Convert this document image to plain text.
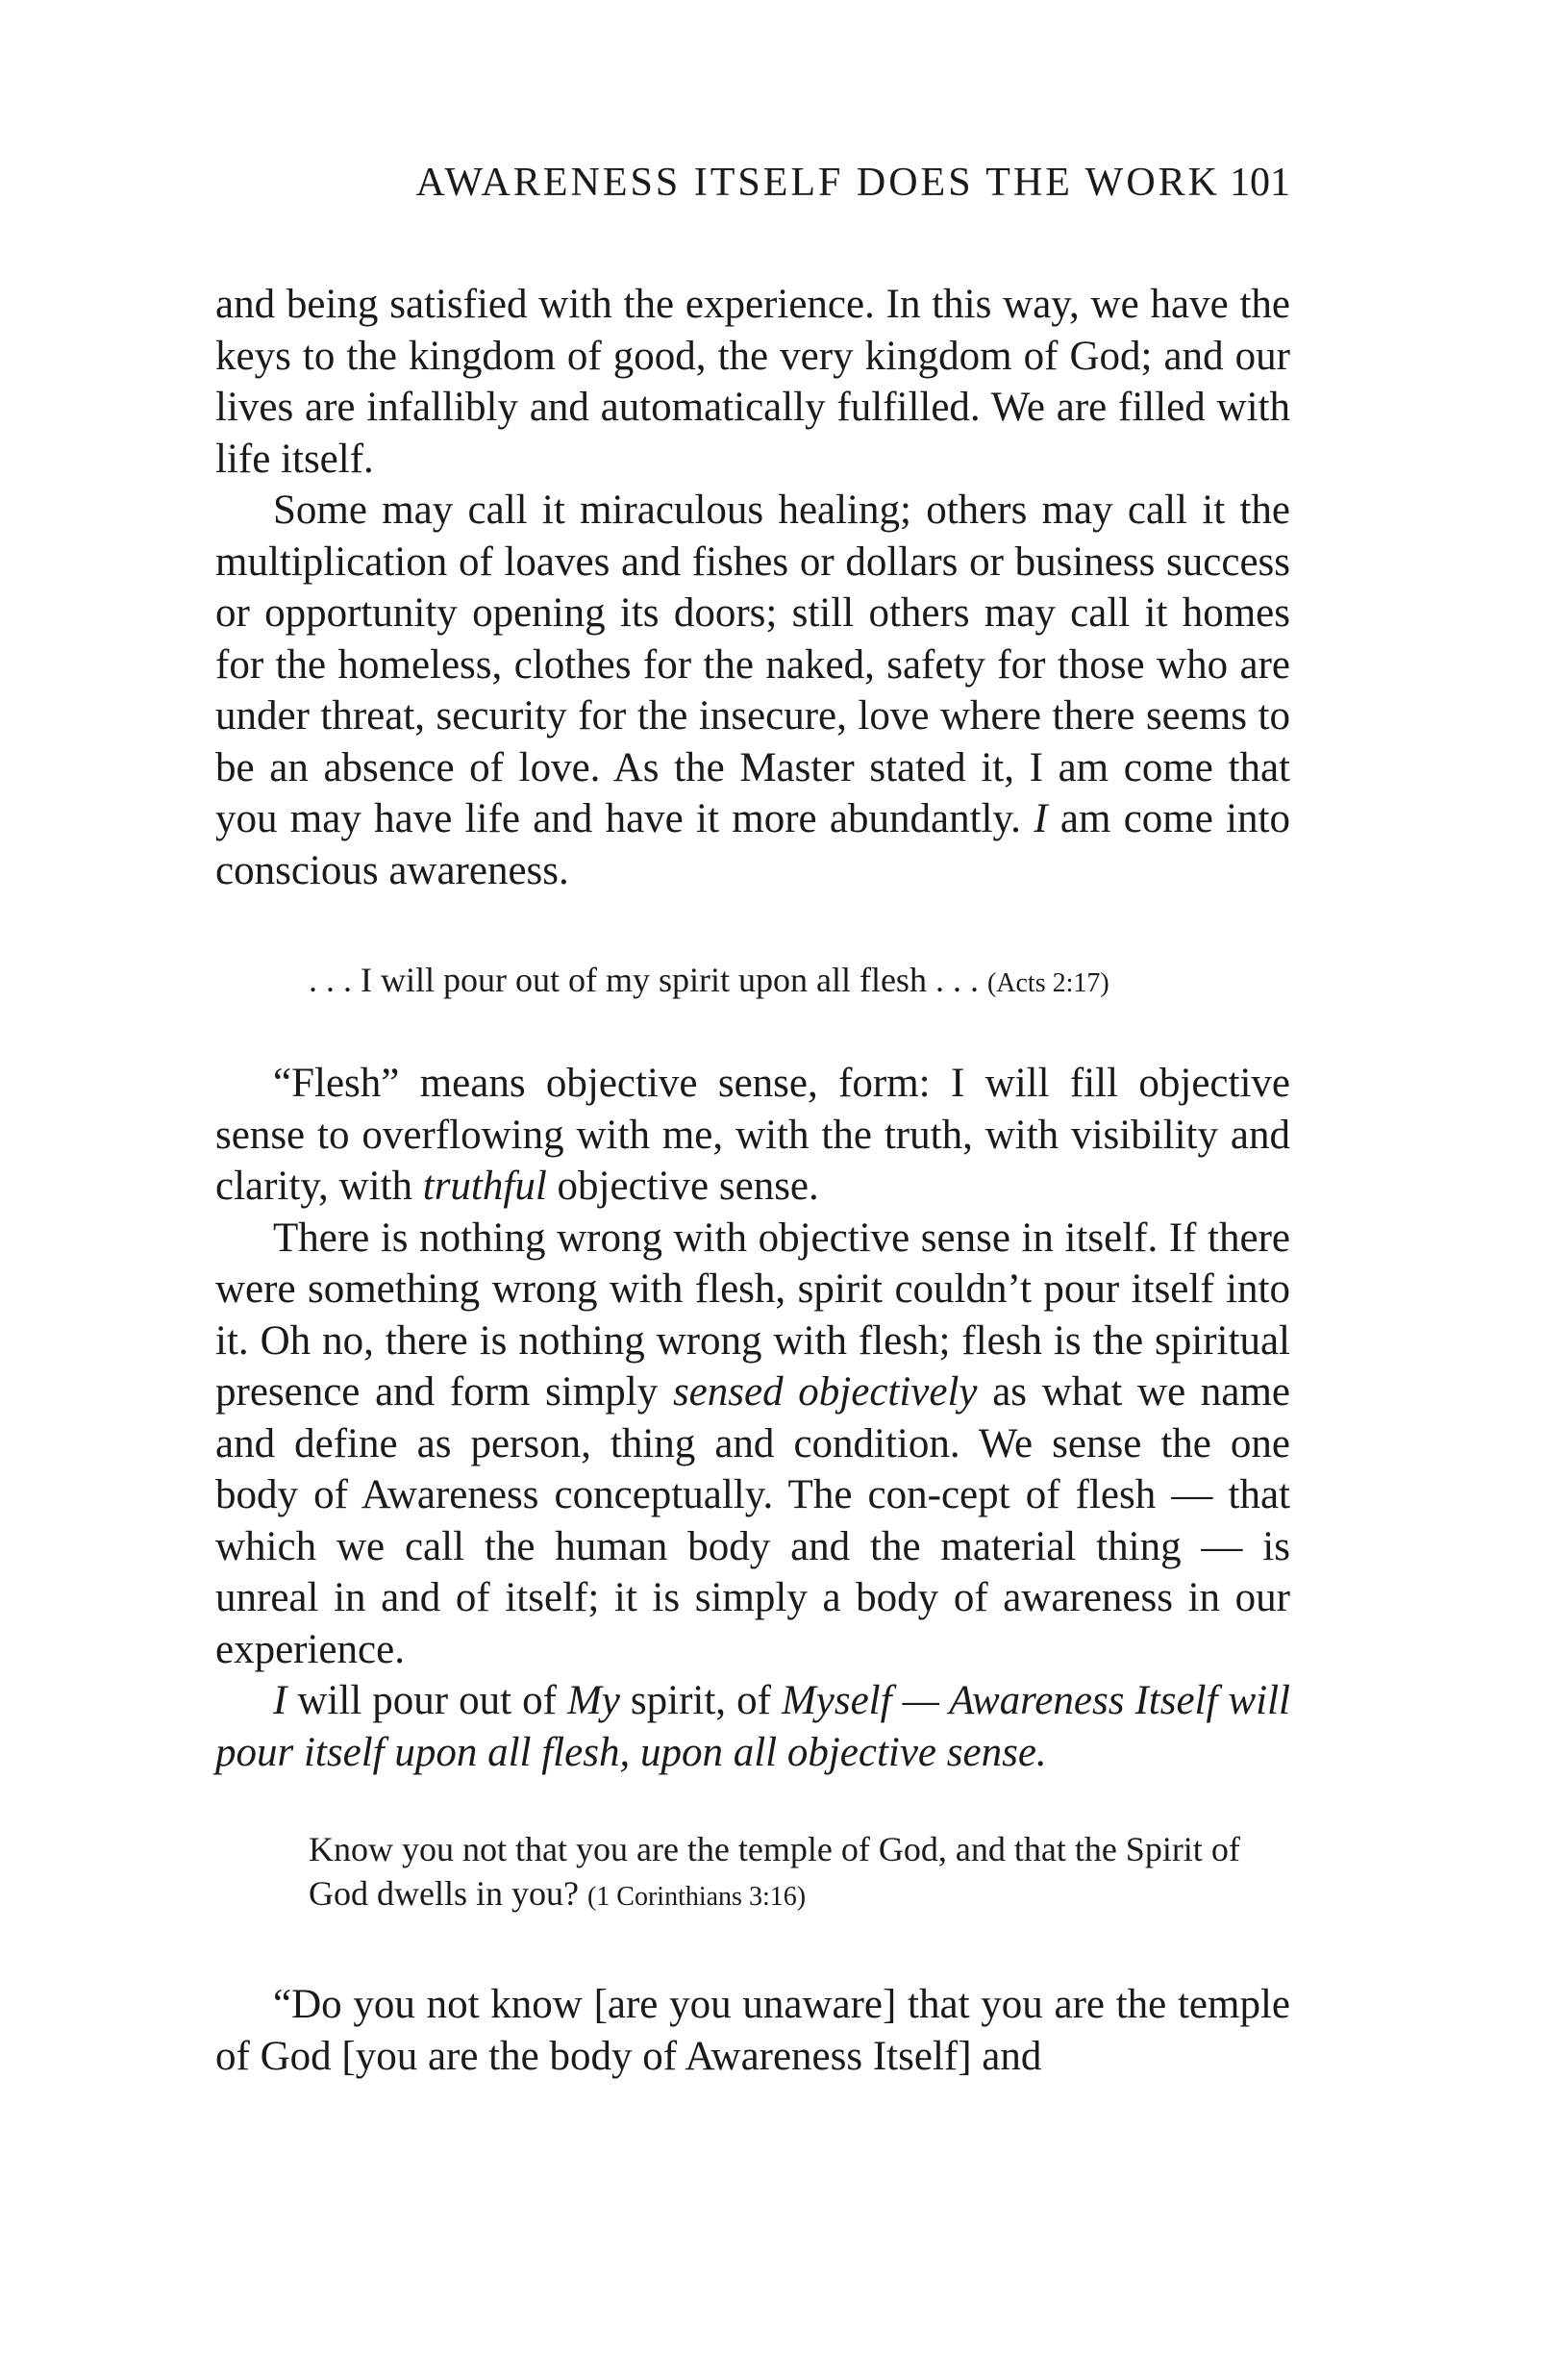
AWARENESS ITSELF DOES THE WORK 101

and being satisfied with the experience. In this way, we have the keys to the kingdom of good, the very kingdom of God; and our lives are infallibly and automatically fulfilled. We are filled with life itself.

Some may call it miraculous healing; others may call it the multiplication of loaves and fishes or dollars or business success or opportunity opening its doors; still others may call it homes for the homeless, clothes for the naked, safety for those who are under threat, security for the insecure, love where there seems to be an absence of love. As the Master stated it, I am come that you may have life and have it more abundantly. I am come into conscious awareness.

. . . I will pour out of my spirit upon all flesh . . . (Acts 2:17)

“Flesh” means objective sense, form: I will fill objective sense to overflowing with me, with the truth, with visibility and clarity, with truthful objective sense.

There is nothing wrong with objective sense in itself. If there were something wrong with flesh, spirit couldn’t pour itself into it. Oh no, there is nothing wrong with flesh; flesh is the spiritual presence and form simply sensed objectively as what we name and define as person, thing and condition. We sense the one body of Awareness conceptually. The con-cept of flesh — that which we call the human body and the material thing — is unreal in and of itself; it is simply a body of awareness in our experience.

I will pour out of My spirit, of Myself — Awareness Itself will pour itself upon all flesh, upon all objective sense.

Know you not that you are the temple of God, and that the Spirit of God dwells in you? (1 Corinthians 3:16)

“Do you not know [are you unaware] that you are the temple of God [you are the body of Awareness Itself] and
